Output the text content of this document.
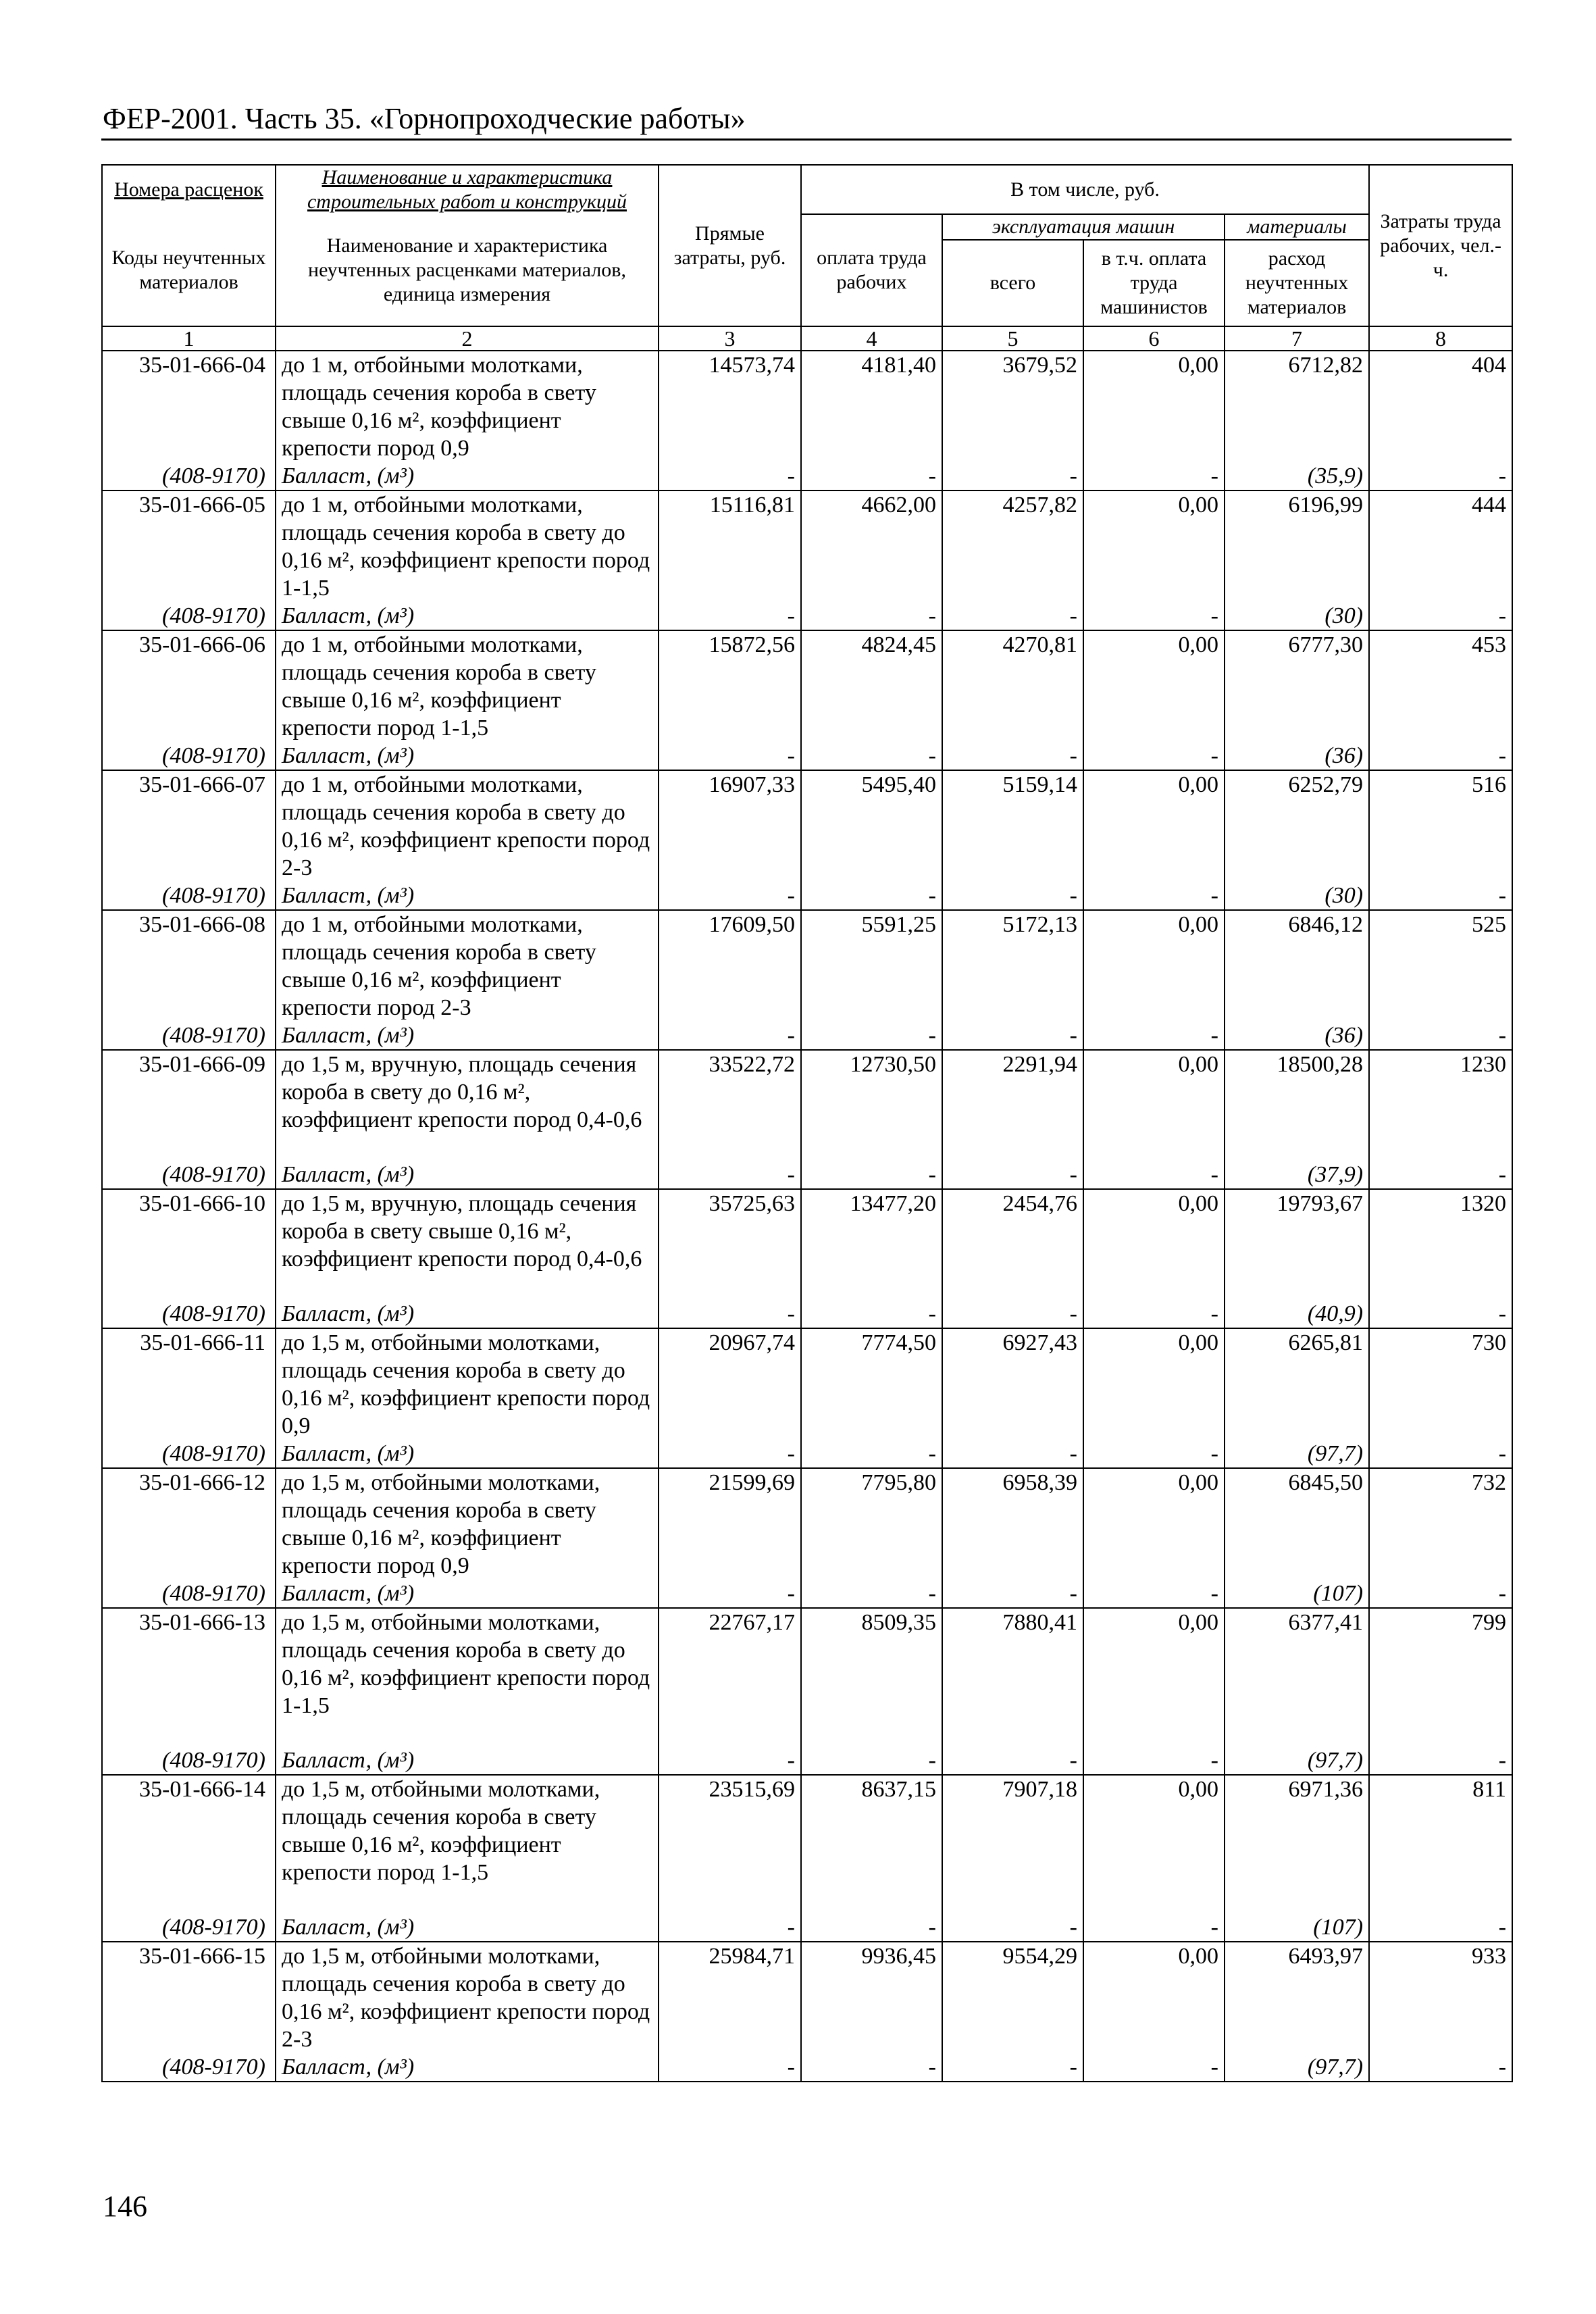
ФЕР-2001. Часть 35. «Горнопроходческие работы»
Номера расценок	Наименование и характеристика строительных работ и конструкций	Прямые затраты, руб.	В том числе, руб.				Затраты труда рабочих, чел.-ч.
Коды неучтенных материалов	Наименование и характеристика неучтенных расценками материалов, единица измерения		оплата труда рабочих	эксплуатация машин		материалы	
				всего	в т.ч. оплата труда машинистов	расход неучтенных материалов	
1	2	3	4	5	6	7	8
35-01-666-04	до 1 м, отбойными молотками, площадь сечения короба в свету свыше 0,16 м², коэффициент крепости пород 0,9	14573,74	4181,40	3679,52	0,00	6712,82	404
(408-9170)	Балласт, (м³)	-	-	-	-	(35,9)	-
35-01-666-05	до 1 м, отбойными молотками, площадь сечения короба в свету до 0,16 м², коэффициент крепости пород 1-1,5	15116,81	4662,00	4257,82	0,00	6196,99	444
(408-9170)	Балласт, (м³)	-	-	-	-	(30)	-
35-01-666-06	до 1 м, отбойными молотками, площадь сечения короба в свету свыше 0,16 м², коэффициент крепости пород 1-1,5	15872,56	4824,45	4270,81	0,00	6777,30	453
(408-9170)	Балласт, (м³)	-	-	-	-	(36)	-
35-01-666-07	до 1 м, отбойными молотками, площадь сечения короба в свету до 0,16 м², коэффициент крепости пород 2-3	16907,33	5495,40	5159,14	0,00	6252,79	516
(408-9170)	Балласт, (м³)	-	-	-	-	(30)	-
35-01-666-08	до 1 м, отбойными молотками, площадь сечения короба в свету свыше 0,16 м², коэффициент крепости пород 2-3	17609,50	5591,25	5172,13	0,00	6846,12	525
(408-9170)	Балласт, (м³)	-	-	-	-	(36)	-
35-01-666-09	до 1,5 м, вручную, площадь сечения короба в свету до 0,16 м², коэффициент крепости пород 0,4-0,6	33522,72	12730,50	2291,94	0,00	18500,28	1230
(408-9170)	Балласт, (м³)	-	-	-	-	(37,9)	-
35-01-666-10	до 1,5 м, вручную, площадь сечения короба в свету свыше 0,16 м², коэффициент крепости пород 0,4-0,6	35725,63	13477,20	2454,76	0,00	19793,67	1320
(408-9170)	Балласт, (м³)	-	-	-	-	(40,9)	-
35-01-666-11	до 1,5 м, отбойными молотками, площадь сечения короба в свету до 0,16 м², коэффициент крепости пород 0,9	20967,74	7774,50	6927,43	0,00	6265,81	730
(408-9170)	Балласт, (м³)	-	-	-	-	(97,7)	-
35-01-666-12	до 1,5 м, отбойными молотками, площадь сечения короба в свету свыше 0,16 м², коэффициент крепости пород 0,9	21599,69	7795,80	6958,39	0,00	6845,50	732
(408-9170)	Балласт, (м³)	-	-	-	-	(107)	-
35-01-666-13	до 1,5 м, отбойными молотками, площадь сечения короба в свету до 0,16 м², коэффициент крепости пород 1-1,5	22767,17	8509,35	7880,41	0,00	6377,41	799
(408-9170)	Балласт, (м³)	-	-	-	-	(97,7)	-
35-01-666-14	до 1,5 м, отбойными молотками, площадь сечения короба в свету свыше 0,16 м², коэффициент крепости пород 1-1,5	23515,69	8637,15	7907,18	0,00	6971,36	811
(408-9170)	Балласт, (м³)	-	-	-	-	(107)	-
35-01-666-15	до 1,5 м, отбойными молотками, площадь сечения короба в свету до 0,16 м², коэффициент крепости пород 2-3	25984,71	9936,45	9554,29	0,00	6493,97	933
(408-9170)	Балласт, (м³)	-	-	-	-	(97,7)	-
146
